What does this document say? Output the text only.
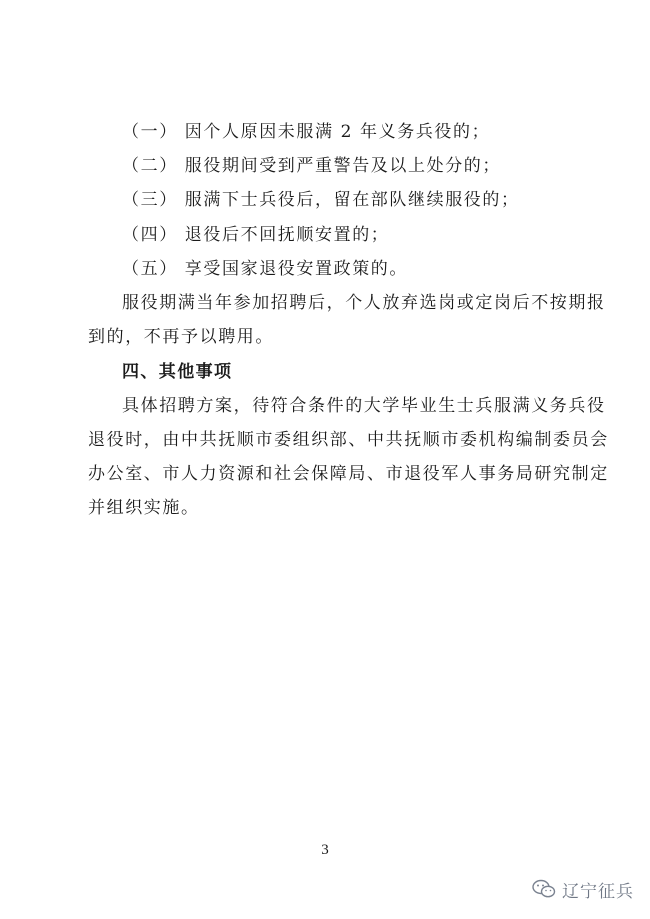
（一） 因个人原因未服满 2 年义务兵役的；
（二） 服役期间受到严重警告及以上处分的；
（三） 服满下士兵役后，留在部队继续服役的；
（四） 退役后不回抚顺安置的；
（五） 享受国家退役安置政策的。
服役期满当年参加招聘后，个人放弃选岗或定岗后不按期报
到的，不再予以聘用。
四、其他事项
具体招聘方案，待符合条件的大学毕业生士兵服满义务兵役
退役时，由中共抚顺市委组织部、中共抚顺市委机构编制委员会
办公室、市人力资源和社会保障局、市退役军人事务局研究制定
并组织实施。
3
辽宁征兵
